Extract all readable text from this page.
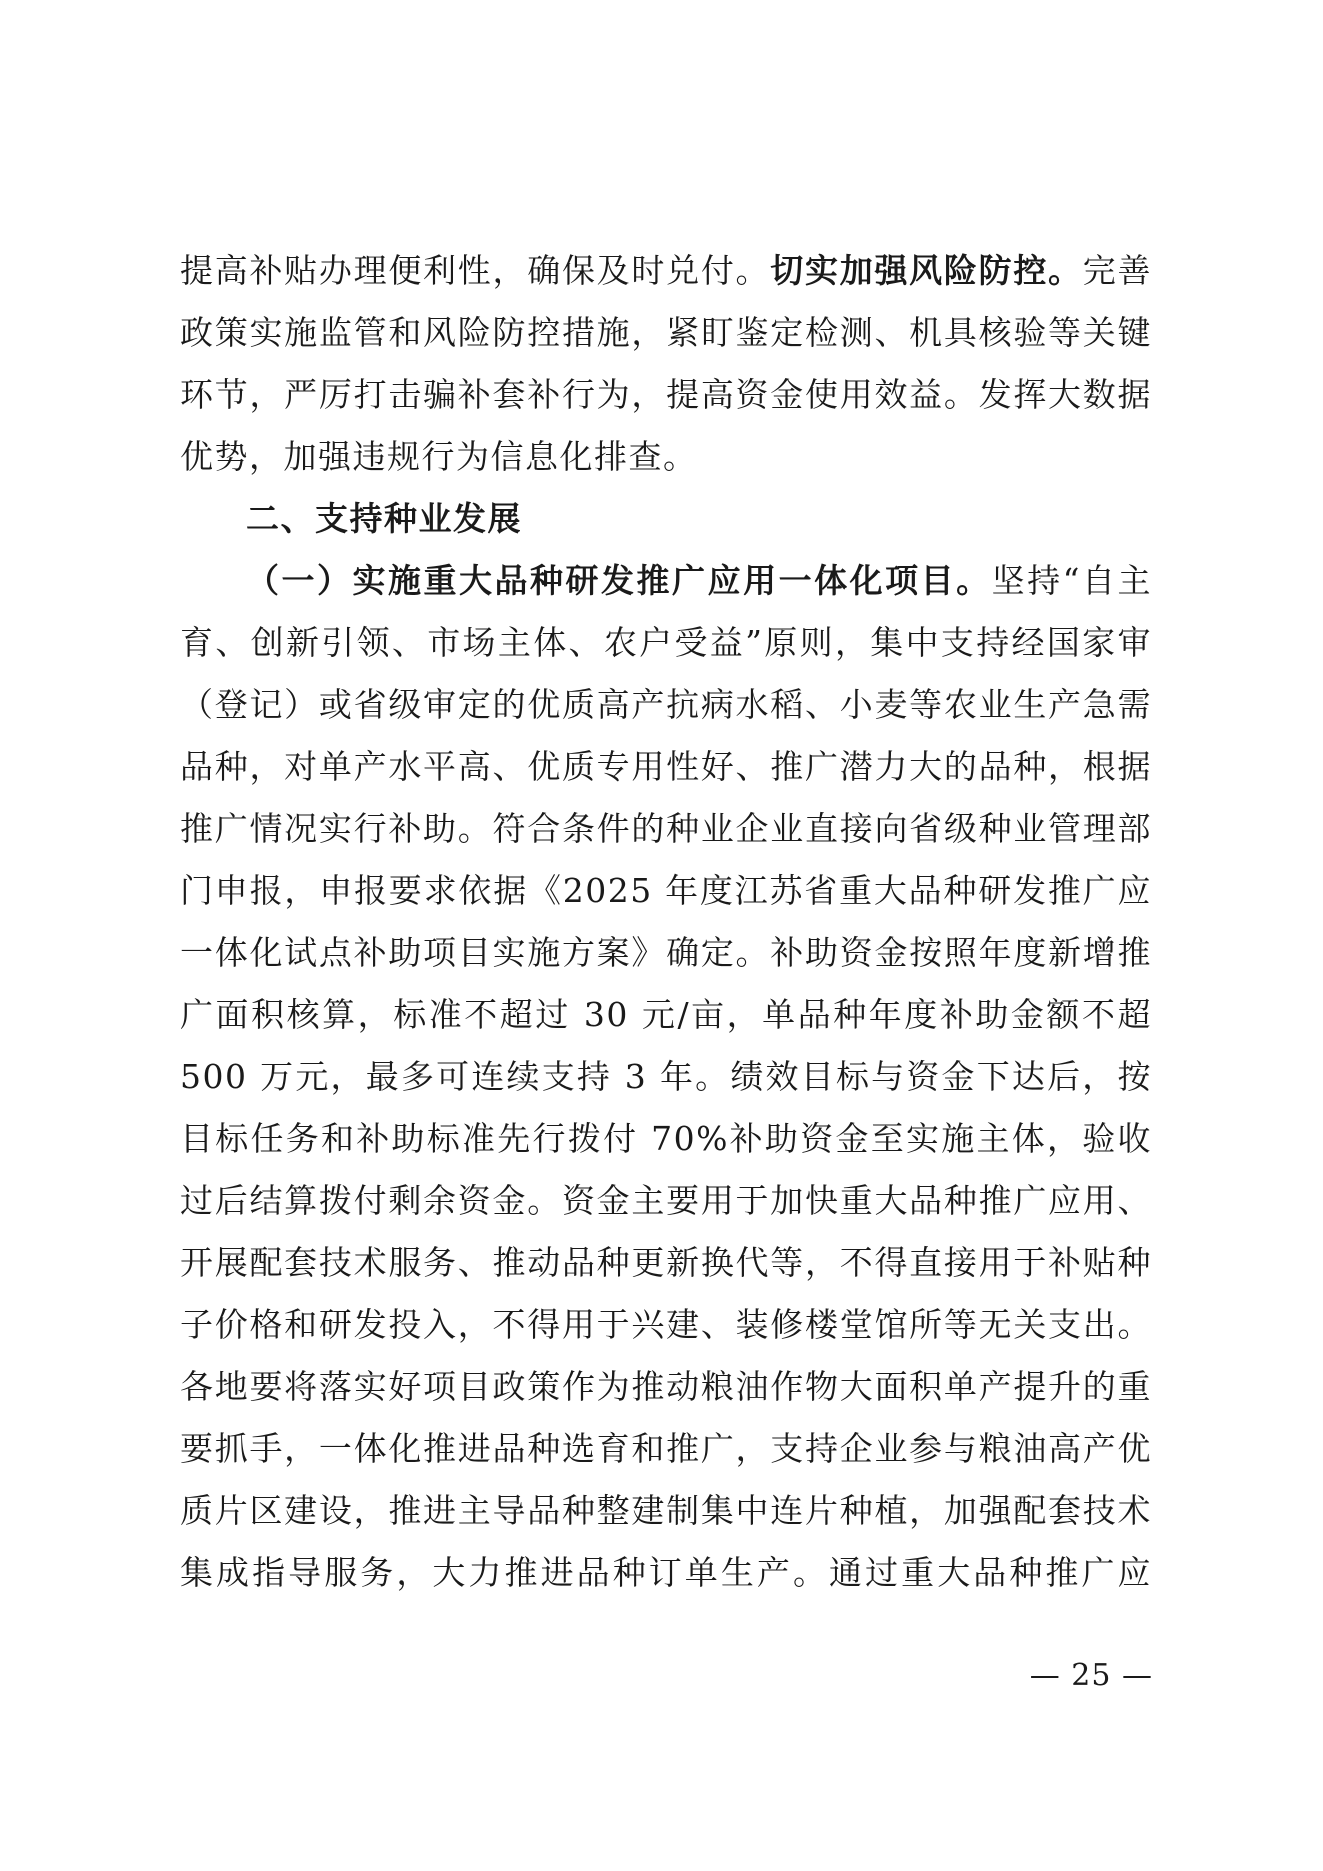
提高补贴办理便利性，确保及时兑付。切实加强风险防控。完善
政策实施监管和风险防控措施，紧盯鉴定检测、机具核验等关键
环节，严厉打击骗补套补行为，提高资金使用效益。发挥大数据
优势，加强违规行为信息化排查。
二、支持种业发展
（一）实施重大品种研发推广应用一体化项目。坚持“自主
育、创新引领、市场主体、农户受益”原则，集中支持经国家审
（登记）或省级审定的优质高产抗病水稻、小麦等农业生产急需
品种，对单产水平高、优质专用性好、推广潜力大的品种，根据
推广情况实行补助。符合条件的种业企业直接向省级种业管理部
门申报，申报要求依据《2025 年度江苏省重大品种研发推广应
一体化试点补助项目实施方案》确定。补助资金按照年度新增推
广面积核算，标准不超过 30 元/亩，单品种年度补助金额不超
500 万元，最多可连续支持 3 年。绩效目标与资金下达后，按
目标任务和补助标准先行拨付 70%补助资金至实施主体，验收
过后结算拨付剩余资金。资金主要用于加快重大品种推广应用、
开展配套技术服务、推动品种更新换代等，不得直接用于补贴种
子价格和研发投入，不得用于兴建、装修楼堂馆所等无关支出。
各地要将落实好项目政策作为推动粮油作物大面积单产提升的重
要抓手，一体化推进品种选育和推广，支持企业参与粮油高产优
质片区建设，推进主导品种整建制集中连片种植，加强配套技术
集成指导服务，大力推进品种订单生产。通过重大品种推广应
— 25 —
